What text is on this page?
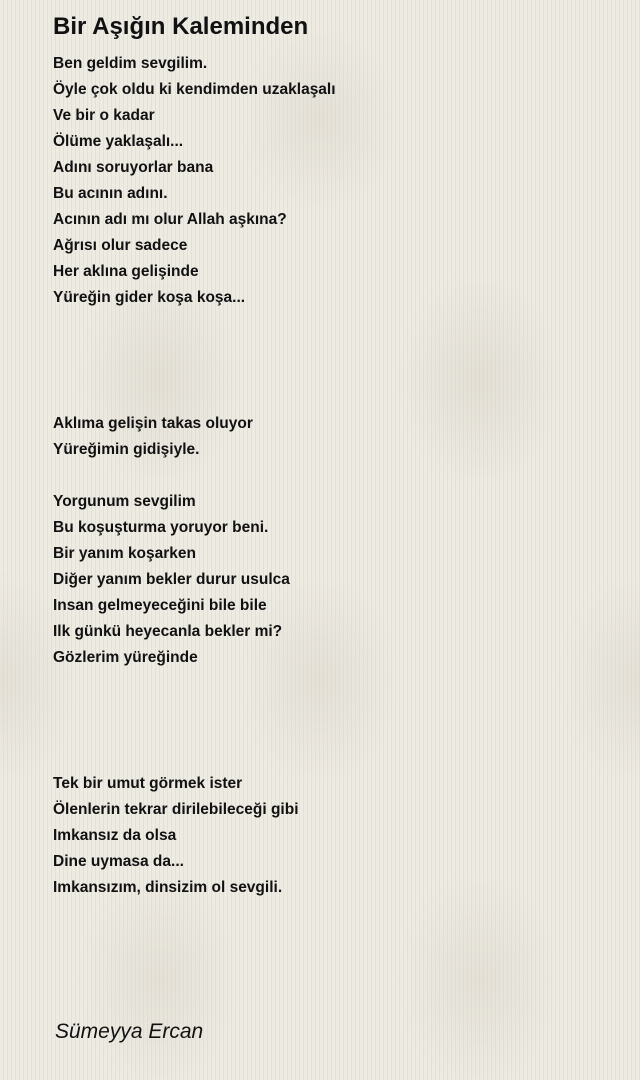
Bir Aşığın Kaleminden
Ben geldim sevgilim.
Öyle çok oldu ki kendimden uzaklaşalı
Ve bir o kadar
Ölüme yaklaşalı...
Adını soruyorlar bana
Bu acının adını.
Acının adı mı olur Allah aşkına?
Ağrısı olur sadece
Her aklına gelişinde
Yüreğin gider koşa koşa...
Aklıma gelişin takas oluyor
Yüreğimin gidişiyle.
Yorgunum sevgilim
Bu koşuşturma yoruyor beni.
Bir yanım koşarken
Diğer yanım bekler durur usulca
Insan gelmeyeceğini bile bile
Ilk günkü heyecanla bekler mi?
Gözlerim yüreğinde
Tek bir umut görmek ister
Ölenlerin tekrar dirilebileceği gibi
Imkansız da olsa
Dine uymasa da...
Imkansızım, dinsizim ol sevgili.

Sümeyya Ercan
